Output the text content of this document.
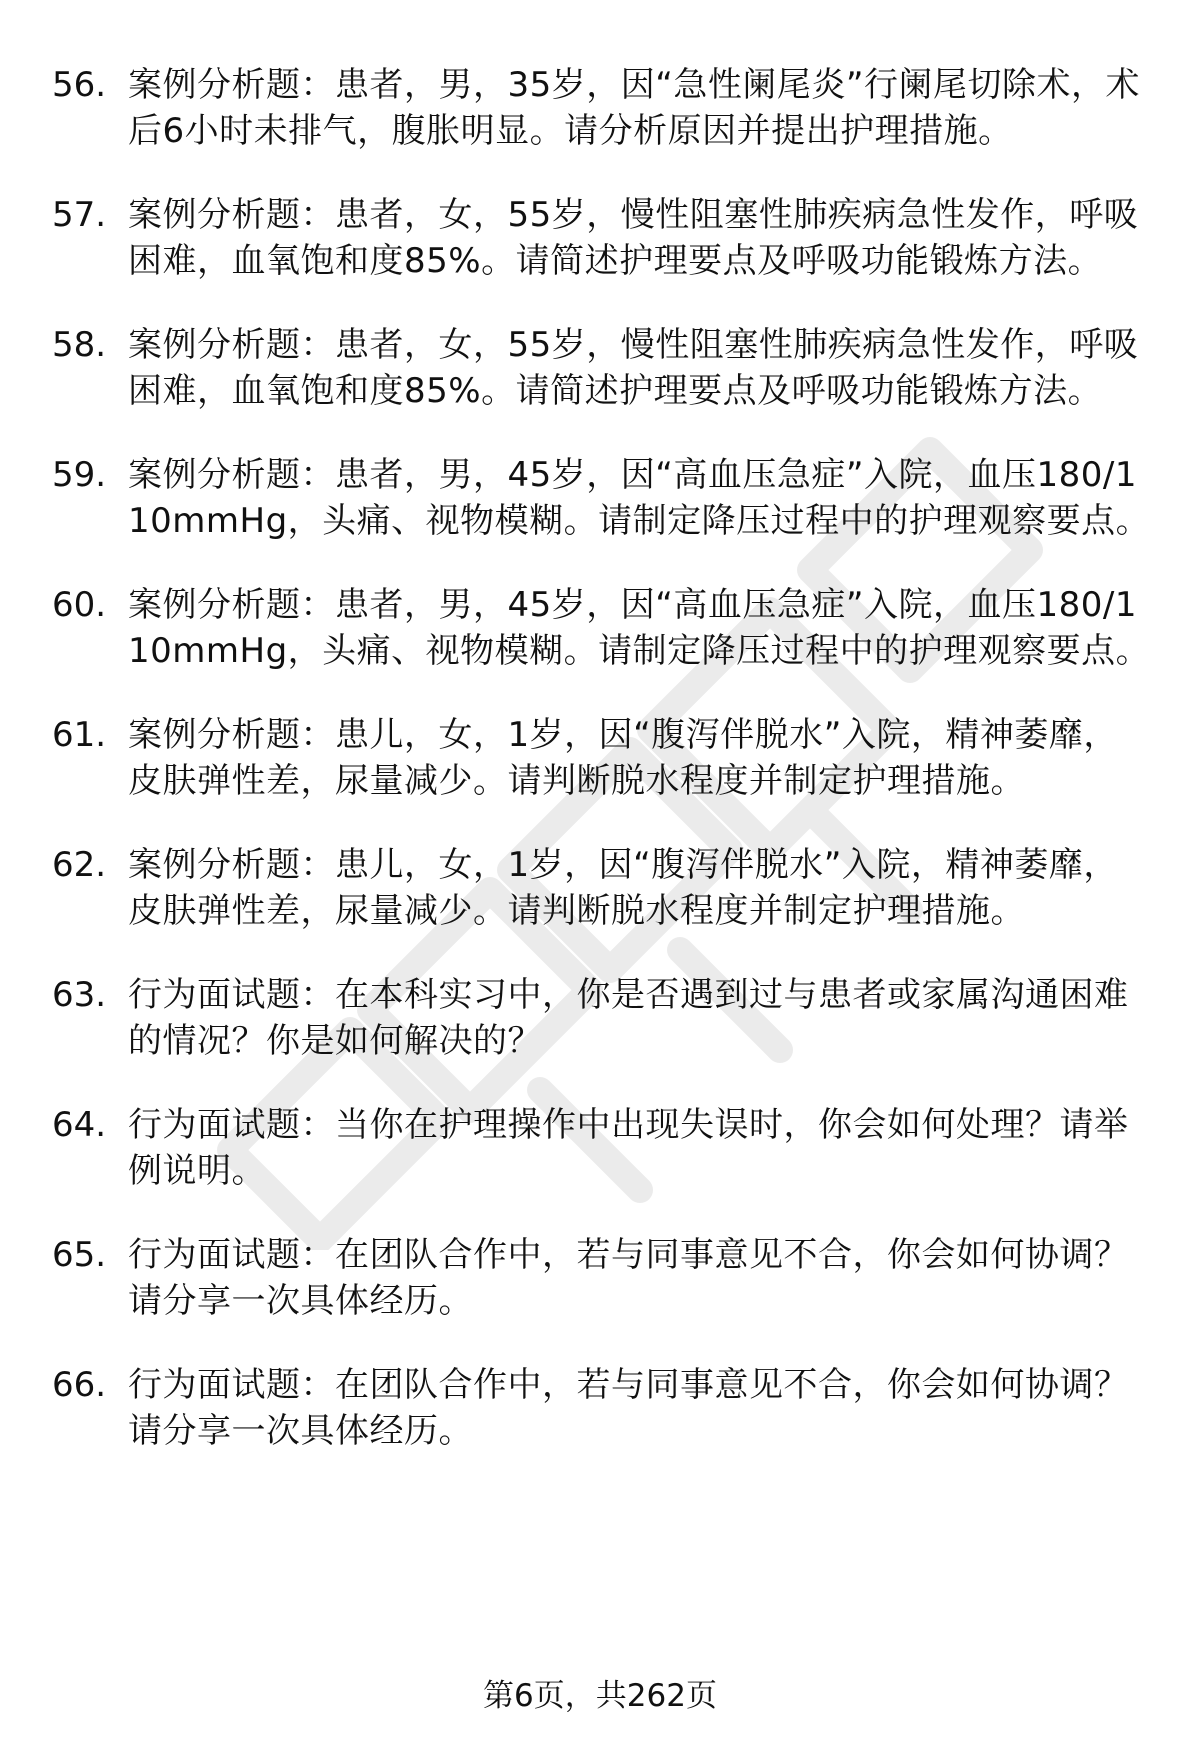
56. 案例分析题：患者，男，35岁，因“急性阑尾炎”行阑尾切除术，术后6小时未排气，腹胀明显。请分析原因并提出护理措施。
57. 案例分析题：患者，女，55岁，慢性阻塞性肺疾病急性发作，呼吸困难，血氧饱和度85%。请简述护理要点及呼吸功能锻炼方法。
58. 案例分析题：患者，女，55岁，慢性阻塞性肺疾病急性发作，呼吸困难，血氧饱和度85%。请简述护理要点及呼吸功能锻炼方法。
59. 案例分析题：患者，男，45岁，因“高血压急症”入院，血压180/110mmHg，头痛、视物模糊。请制定降压过程中的护理观察要点。
60. 案例分析题：患者，男，45岁，因“高血压急症”入院，血压180/110mmHg，头痛、视物模糊。请制定降压过程中的护理观察要点。
61. 案例分析题：患儿，女，1岁，因“腹泻伴脱水”入院，精神萎靡，皮肤弹性差，尿量减少。请判断脱水程度并制定护理措施。
62. 案例分析题：患儿，女，1岁，因“腹泻伴脱水”入院，精神萎靡，皮肤弹性差，尿量减少。请判断脱水程度并制定护理措施。
63. 行为面试题：在本科实习中，你是否遇到过与患者或家属沟通困难的情况？你是如何解决的？
64. 行为面试题：当你在护理操作中出现失误时，你会如何处理？请举例说明。
65. 行为面试题：在团队合作中，若与同事意见不合，你会如何协调？请分享一次具体经历。
66. 行为面试题：在团队合作中，若与同事意见不合，你会如何协调？请分享一次具体经历。
第6页，共262页
